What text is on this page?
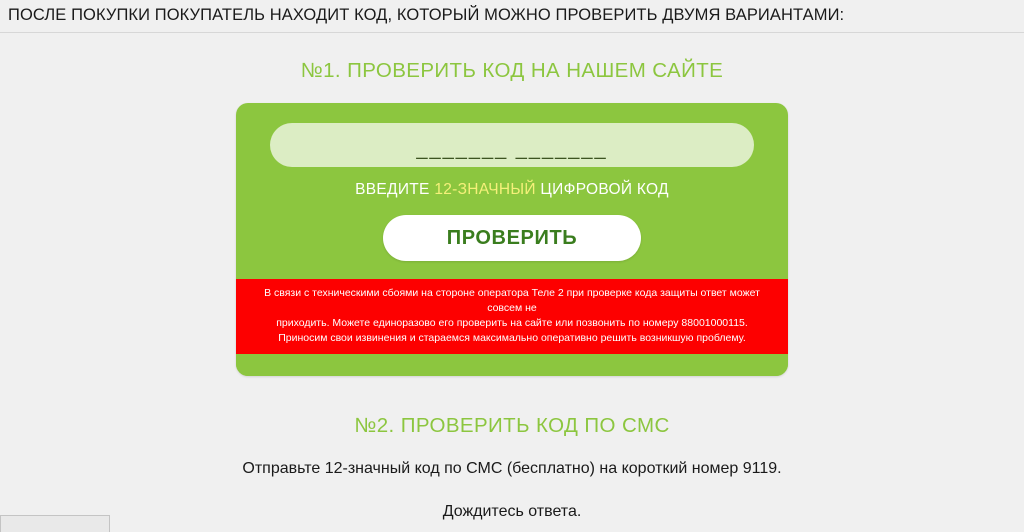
ПОСЛЕ ПОКУПКИ ПОКУПАТЕЛЬ НАХОДИТ КОД, КОТОРЫЙ МОЖНО ПРОВЕРИТЬ ДВУМЯ ВАРИАНТАМИ:
№1. ПРОВЕРИТЬ КОД НА НАШЕМ САЙТЕ
_______ _______
ВВЕДИТЕ 12-ЗНАЧНЫЙ ЦИФРОВОЙ КОД
ПРОВЕРИТЬ
В связи с техническими сбоями на стороне оператора Теле 2 при проверке кода защиты ответ может совсем не
приходить. Можете единоразово его проверить на сайте или позвонить по номеру 88001000115.
Приносим свои извинения и стараемся максимально оперативно решить возникшую проблему.
№2. ПРОВЕРИТЬ КОД ПО СМС
Отправьте 12-значный код по СМС (бесплатно) на короткий номер 9119.
Дождитесь ответа.
